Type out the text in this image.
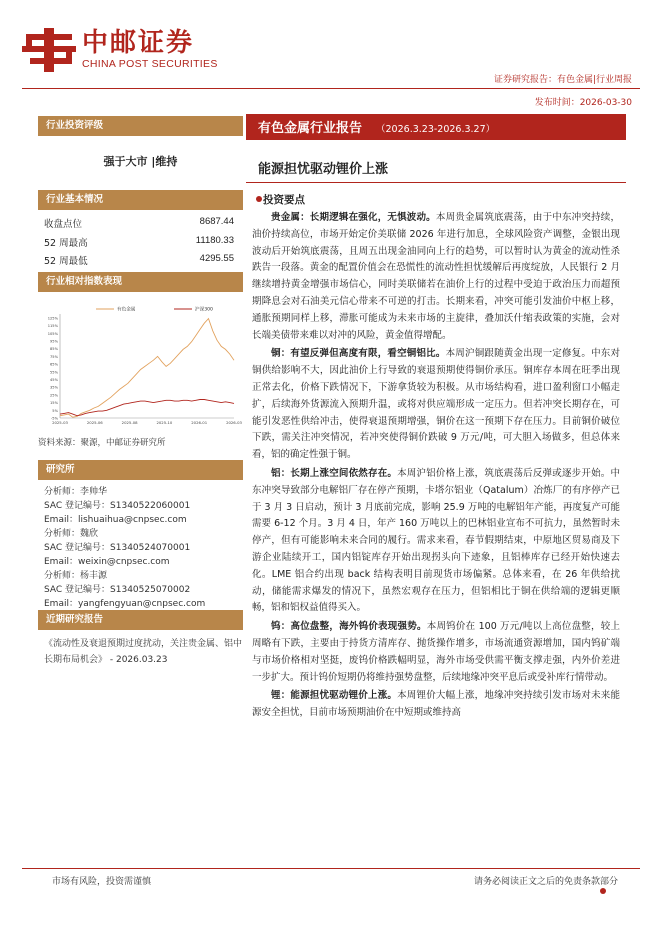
中邮证券
CHINA POST SECURITIES
证券研究报告：有色金属|行业周报
发布时间：2026-03-30
行业投资评级
强于大市 |维持
行业基本情况
收盘点位	8687.44
52 周最高	11180.33
52 周最低	4295.55
行业相对指数表现
-5%
5%
15%
25%
35%
45%
55%
65%
75%
85%
95%
105%
115%
125%
2025-03	2025-06	2025-08	2025-10	2026-01	2026-03
有色金属	沪深300
资料来源：聚源，中邮证券研究所
研究所
分析师：李帅华
SAC 登记编号：S1340522060001
Email：lishuaihua@cnpsec.com
分析师：魏欣
SAC 登记编号：S1340524070001
Email：weixin@cnpsec.com
分析师：杨丰源
SAC 登记编号：S1340525070002
Email：yangfengyuan@cnpsec.com
近期研究报告
《流动性及衰退预期过度扰动，关注贵金属、铝中长期布局机会》 - 2026.03.23
有色金属行业报告 （2026.3.23-2026.3.27）
能源担忧驱动锂价上涨
投资要点

贵金属：长期逻辑在强化，无惧波动。本周贵金属筑底震荡，由于中东冲突持续，油价持续高位，市场开始定价美联储 2026 年进行加息，全球风险资产调整，金银出现波动后开始筑底震荡，且周五出现金油同向上行的趋势，可以暂时认为黄金的流动性杀跌告一段落。黄金的配置价值会在恐慌性的流动性担忧缓解后再度绽放，人民银行 2 月继续增持黄金增强市场信心，同时美联储若在油价上行的过程中受迫于政治压力而超预期降息会对石油美元信心带来不可逆的打击。长期来看，冲突可能引发油价中枢上移，通胀预期同样上移，滞胀可能成为未来市场的主旋律，叠加沃什缩表政策的实施，会对长端美债带来难以对冲的风险，黄金值得增配。

铜：有望反弹但高度有限，看空铜铝比。本周沪铜跟随黄金出现一定修复。中东对铜供给影响不大，因此油价上行导致的衰退预期使得铜价承压。铜库存本周在旺季出现正常去化，价格下跌情况下，下游拿货较为积极。从市场结构看，进口盈利窗口小幅走扩，后续海外货源流入预期升温，或将对供应端形成一定压力。但若冲突长期存在，可能引发恶性供给冲击，使得衰退预期增强，铜价在这一预期下存在压力。目前铜价破位下跌，需关注冲突情况，若冲突使得铜价跌破 9 万元/吨，可大胆入场做多，但总体来看，铝的确定性强于铜。

铝：长期上涨空间依然存在。本周沪铝价格上涨，筑底震荡后反弹或逐步开始。中东冲突导致部分电解铝厂存在停产预期，卡塔尔铝业（Qatalum）冶炼厂的有序停产已于 3 月 3 日启动，预计 3 月底前完成，影响 25.9 万吨的电解铝年产能，再度复产可能需要 6-12 个月。3 月 4 日，年产 160 万吨以上的巴林铝业宣布不可抗力，虽然暂时未停产，但有可能影响未来合同的履行。需求来看，春节假期结束，中原地区贸易商及下游企业陆续开工，国内铝锭库存开始出现拐头向下迹象，且铝棒库存已经开始快速去化。LME 铝合约出现 back 结构表明目前现货市场偏紧。总体来看，在 26 年供给扰动，储能需求爆发的情况下，虽然宏观存在压力，但铝相比于铜在供给端的逻辑更顺畅，铝和铝权益值得买入。

钨：高位盘整，海外钨价表现强势。本周钨价在 100 万元/吨以上高位盘整，较上周略有下跌，主要由于持货方清库存、抛货操作增多，市场流通资源增加，国内钨矿端与市场价格相对坚挺，废钨价格跌幅明显，海外市场受供需平衡支撑走强，内外价差进一步扩大。预计钨价短期仍将维持强势盘整，后续地缘冲突平息后或受补库行情带动。

锂：能源担忧驱动锂价上涨。本周锂价大幅上涨，地缘冲突持续引发市场对未来能源安全担忧，目前市场预期油价在中短期或维持高

市场有风险，投资需谨慎	请务必阅读正文之后的免责条款部分
